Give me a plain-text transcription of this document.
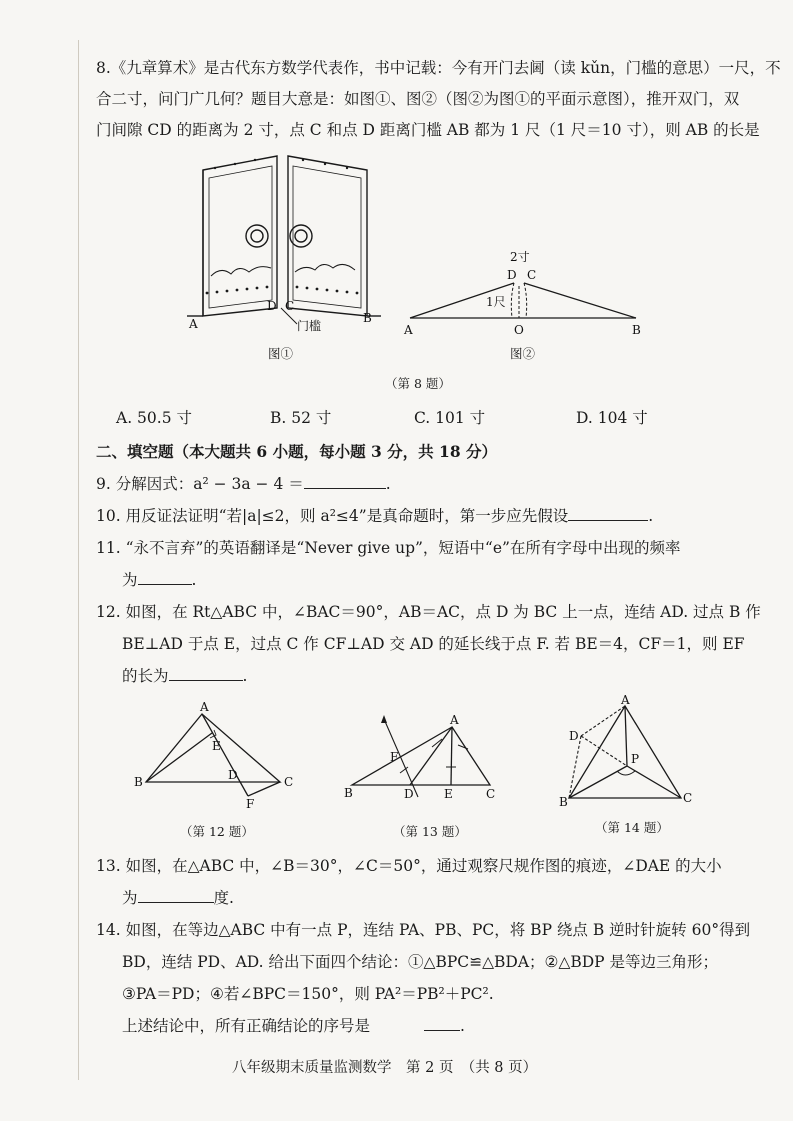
8.《九章算术》是古代东方数学代表作，书中记载：今有开门去阃（读 kǔn，门槛的意思）一尺，不
合二寸，问门广几何？题目大意是：如图①、图②（图②为图①的平面示意图），推开双门，双
门间隙 CD 的距离为 2 寸，点 C 和点 D 距离门槛 AB 都为 1 尺（1 尺＝10 寸），则 AB 的长是
A
D C
B
门槛
图①
2寸
D C
1尺
A	O	B
图②
（第 8 题）
A. 50.5 寸	B. 52 寸	C. 101 寸	D. 104 寸
二、填空题（本大题共 6 小题，每小题 3 分，共 18 分）
9. 分解因式：a² − 3a − 4 ＝	.
10. 用反证法证明“若|a|≤2，则 a²≤4”是真命题时，第一步应先假设	.
11. “永不言弃”的英语翻译是“Never give up”，短语中“e”在所有字母中出现的频率
为	.
12. 如图，在 Rt△ABC 中，∠BAC＝90°，AB＝AC，点 D 为 BC 上一点，连结 AD. 过点 B 作
BE⊥AD 于点 E，过点 C 作 CF⊥AD 交 AD 的延长线于点 F. 若 BE＝4，CF＝1，则 EF
的长为	.
A
E
B	D	C
F
（第 12 题）
A
F
B	D	E	C
（第 13 题）
A
D
P
B	C
（第 14 题）
13. 如图，在△ABC 中，∠B＝30°，∠C＝50°，通过观察尺规作图的痕迹，∠DAE 的大小
为	度.
14. 如图，在等边△ABC 中有一点 P，连结 PA、PB、PC，将 BP 绕点 B 逆时针旋转 60°得到
BD，连结 PD、AD. 给出下面四个结论：①△BPC≌△BDA；②△BDP 是等边三角形；
③PA＝PD；④若∠BPC＝150°，则 PA²＝PB²＋PC².
上述结论中，所有正确结论的序号是	.
八年级期末质量监测数学　第 2 页　（共 8 页）
